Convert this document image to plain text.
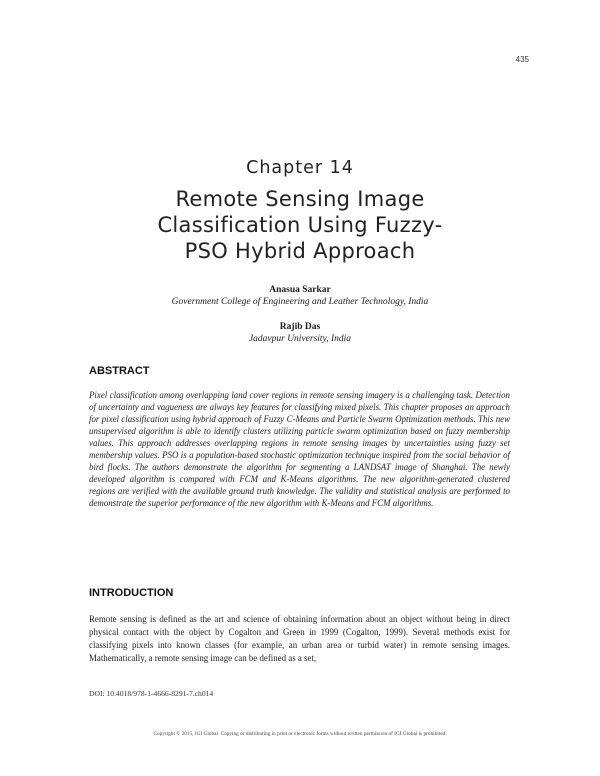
435
Chapter 14
Remote Sensing Image
Classification Using Fuzzy-
PSO Hybrid Approach
Anasua Sarkar
Government College of Engineering and Leather Technology, India
Rajib Das
Jadavpur University, India
ABSTRACT

Pixel classification among overlapping land cover regions in remote sensing imagery is a challenging task. Detection of uncertainty and vagueness are always key features for classifying mixed pixels. This chapter proposes an approach for pixel classification using hybrid approach of Fuzzy C-Means and Particle Swarm Optimization methods. This new unsupervised algorithm is able to identify clusters utilizing particle swarm optimization based on fuzzy membership values. This approach addresses overlapping regions in remote sensing images by uncertainties using fuzzy set membership values. PSO is a population-based stochastic optimization technique inspired from the social behavior of bird flocks. The authors demonstrate the algorithm for segmenting a LANDSAT image of Shanghai. The newly developed algorithm is compared with FCM and K-Means algorithms. The new algorithm-generated clustered regions are verified with the available ground truth knowledge. The validity and statistical analysis are performed to demonstrate the superior performance of the new algorithm with K-Means and FCM algorithms.

INTRODUCTION

Remote sensing is defined as the art and science of obtaining information about an object without being in direct physical contact with the object by Cogalton and Green in 1999 (Cogalton, 1999). Several methods exist for classifying pixels into known classes (for example, an urban area or turbid water) in remote sensing images. Mathematically, a remote sensing image can be defined as a set,

DOI: 10.4018/978-1-4666-8291-7.ch014
Copyright © 2015, IGI Global. Copying or distributing in print or electronic forms without written permission of IGI Global is prohibited.
